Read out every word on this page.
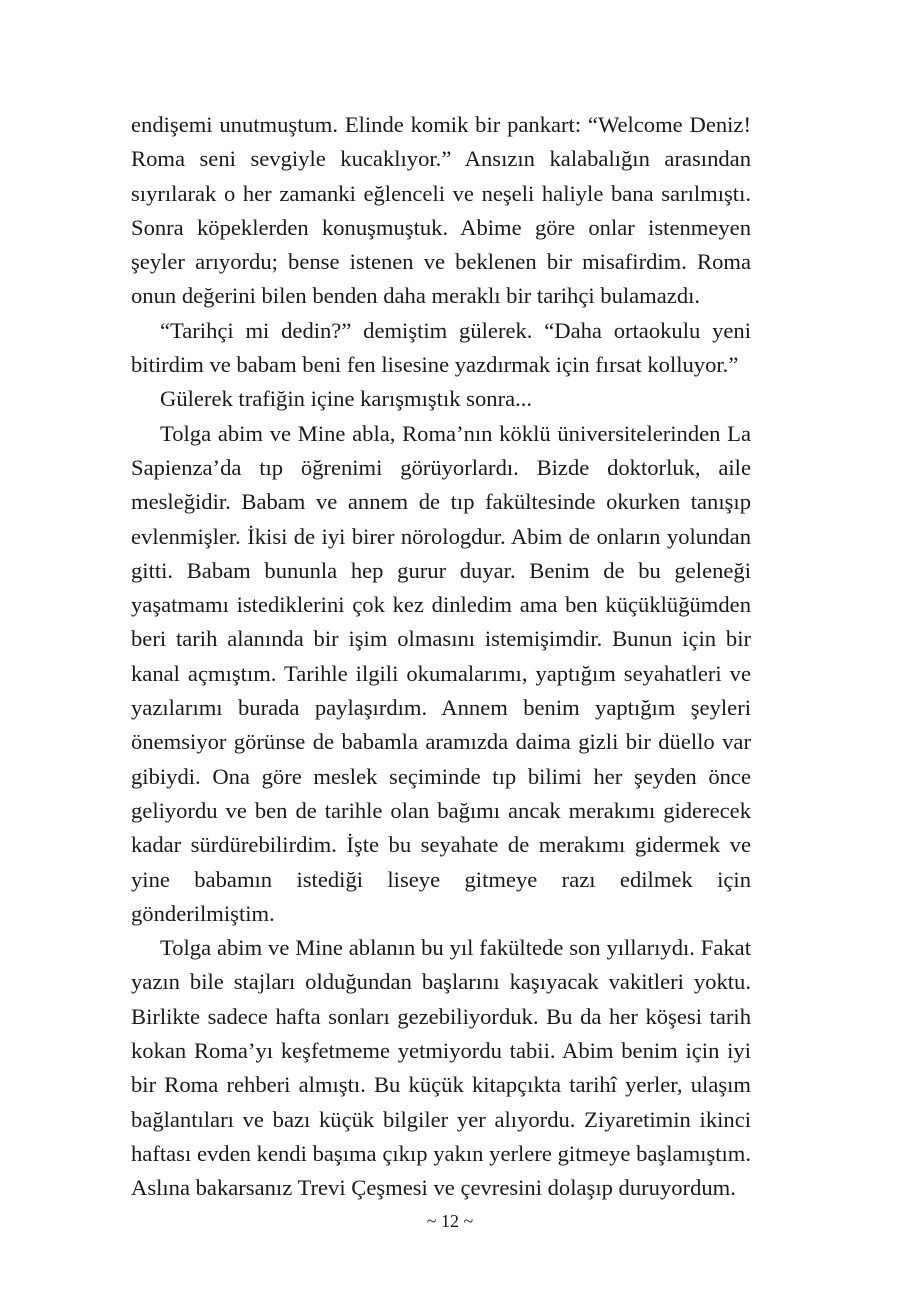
endişemi unutmuştum. Elinde komik bir pankart: “Welcome Deniz! Roma seni sevgiyle kucaklıyor.” Ansızın kalabalığın arasından sıyrılarak o her zamanki eğlenceli ve neşeli haliyle bana sarılmıştı. Sonra köpeklerden konuşmuştuk. Abime göre onlar istenmeyen şeyler arıyordu; bense istenen ve beklenen bir misafirdim. Roma onun değerini bilen benden daha meraklı bir tarihçi bulamazdı.

“Tarihçi mi dedin?” demiştim gülerek. “Daha ortaokulu yeni bitirdim ve babam beni fen lisesine yazdırmak için fırsat kolluyor.”

Gülerek trafiğin içine karışmıştık sonra...

Tolga abim ve Mine abla, Roma’nın köklü üniversitelerinden La Sapienza’da tıp öğrenimi görüyorlardı. Bizde doktorluk, aile mesleğidir. Babam ve annem de tıp fakültesinde okurken tanışıp evlenmişler. İkisi de iyi birer nörologdur. Abim de onların yolundan gitti. Babam bununla hep gurur duyar. Benim de bu geleneği yaşatmamı istediklerini çok kez dinledim ama ben küçüklüğümden beri tarih alanında bir işim olmasını istemişimdir. Bunun için bir kanal açmıştım. Tarihle ilgili okumalarımı, yaptığım seyahatleri ve yazılarımı burada paylaşırdım. Annem benim yaptığım şeyleri önemsiyor görünse de babamla aramızda daima gizli bir düello var gibiydi. Ona göre meslek seçiminde tıp bilimi her şeyden önce geliyordu ve ben de tarihle olan bağımı ancak merakımı giderecek kadar sürdürebilirdim. İşte bu seyahate de merakımı gidermek ve yine babamın istediği liseye gitmeye razı edilmek için gönderilmiştim.

Tolga abim ve Mine ablanın bu yıl fakültede son yıllarıydı. Fakat yazın bile stajları olduğundan başlarını kaşıyacak vakitleri yoktu. Birlikte sadece hafta sonları gezebiliyorduk. Bu da her köşesi tarih kokan Roma’yı keşfetmeme yetmiyordu tabii. Abim benim için iyi bir Roma rehberi almıştı. Bu küçük kitapçıkta tarihî yerler, ulaşım bağlantıları ve bazı küçük bilgiler yer alıyordu. Ziyaretimin ikinci haftası evden kendi başıma çıkıp yakın yerlere gitmeye başlamıştım. Aslına bakarsanız Trevi Çeşmesi ve çevresini dolaşıp duruyordum.

~ 12 ~
